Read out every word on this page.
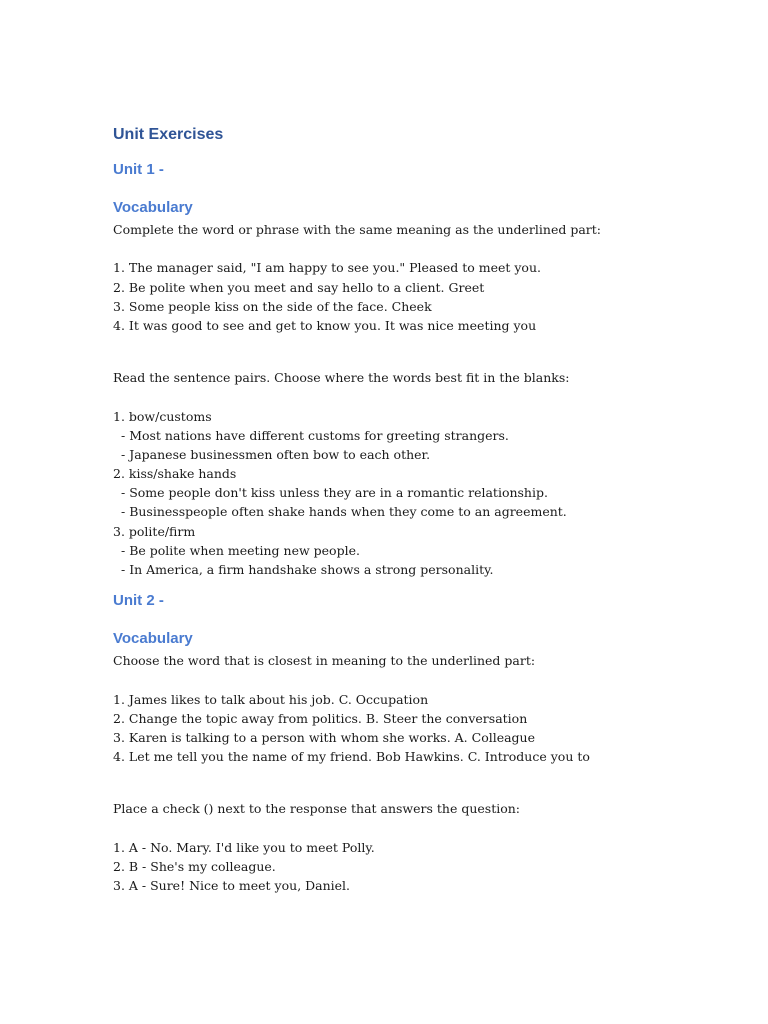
Unit Exercises
Unit 1 -
Vocabulary
Complete the word or phrase with the same meaning as the underlined part:
1. The manager said, "I am happy to see you." Pleased to meet you.
2. Be polite when you meet and say hello to a client. Greet
3. Some people kiss on the side of the face. Cheek
4. It was good to see and get to know you. It was nice meeting you
Read the sentence pairs. Choose where the words best fit in the blanks:
1. bow/customs
- Most nations have different customs for greeting strangers.
- Japanese businessmen often bow to each other.
2. kiss/shake hands
- Some people don't kiss unless they are in a romantic relationship.
- Businesspeople often shake hands when they come to an agreement.
3. polite/firm
- Be polite when meeting new people.
- In America, a firm handshake shows a strong personality.
Unit 2 -
Vocabulary
Choose the word that is closest in meaning to the underlined part:
1. James likes to talk about his job. C. Occupation
2. Change the topic away from politics. B. Steer the conversation
3. Karen is talking to a person with whom she works. A. Colleague
4. Let me tell you the name of my friend. Bob Hawkins. C. Introduce you to
Place a check () next to the response that answers the question:
1. A - No. Mary. I'd like you to meet Polly.
2. B - She's my colleague.
3. A - Sure! Nice to meet you, Daniel.
